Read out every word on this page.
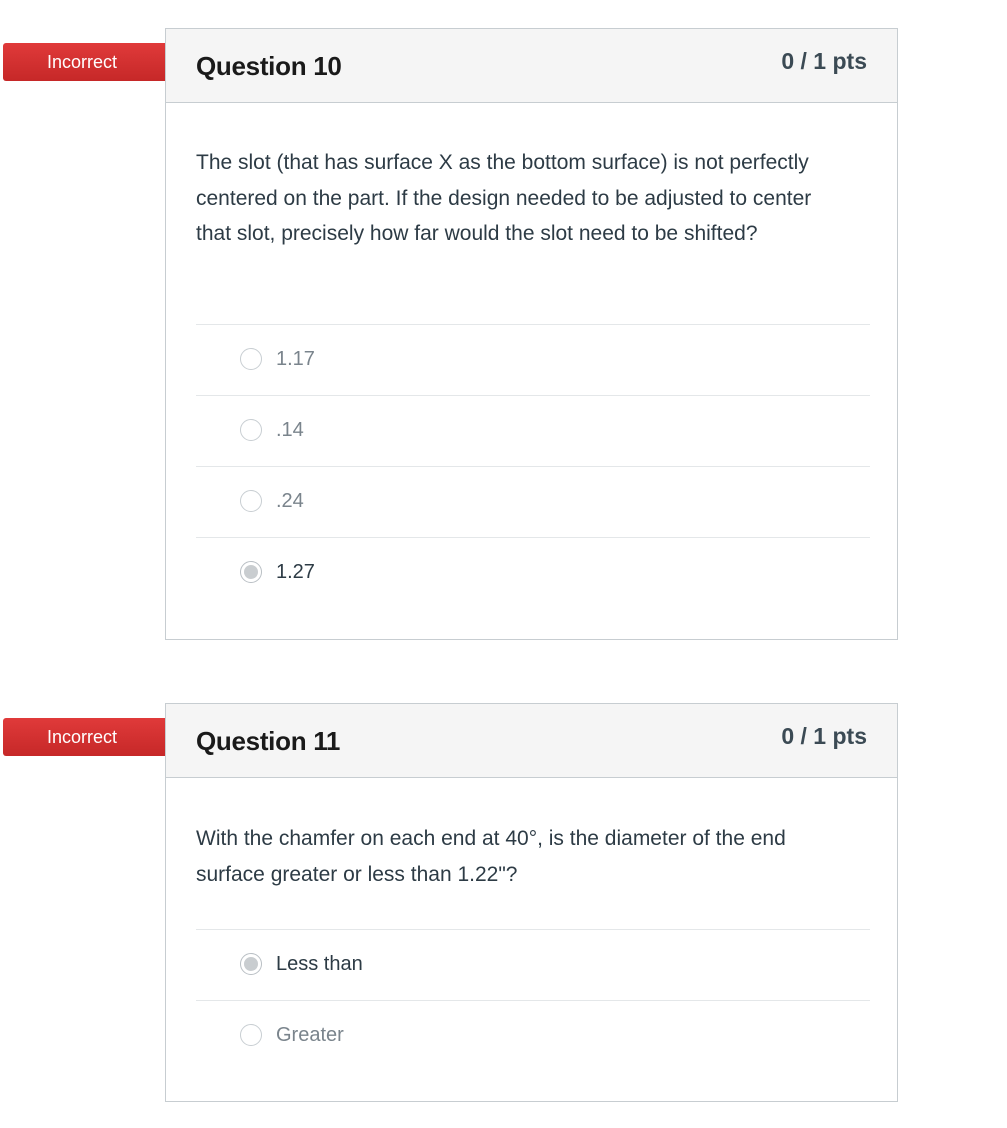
Incorrect	Question 10	0 / 1 pts
The slot (that has surface X as the bottom surface) is not perfectly centered on the part. If the design needed to be adjusted to center that slot, precisely how far would the slot need to be shifted?
1.17
.14
.24
1.27
Incorrect	Question 11	0 / 1 pts
With the chamfer on each end at 40°, is the diameter of the end surface greater or less than 1.22"?
Less than
Greater
